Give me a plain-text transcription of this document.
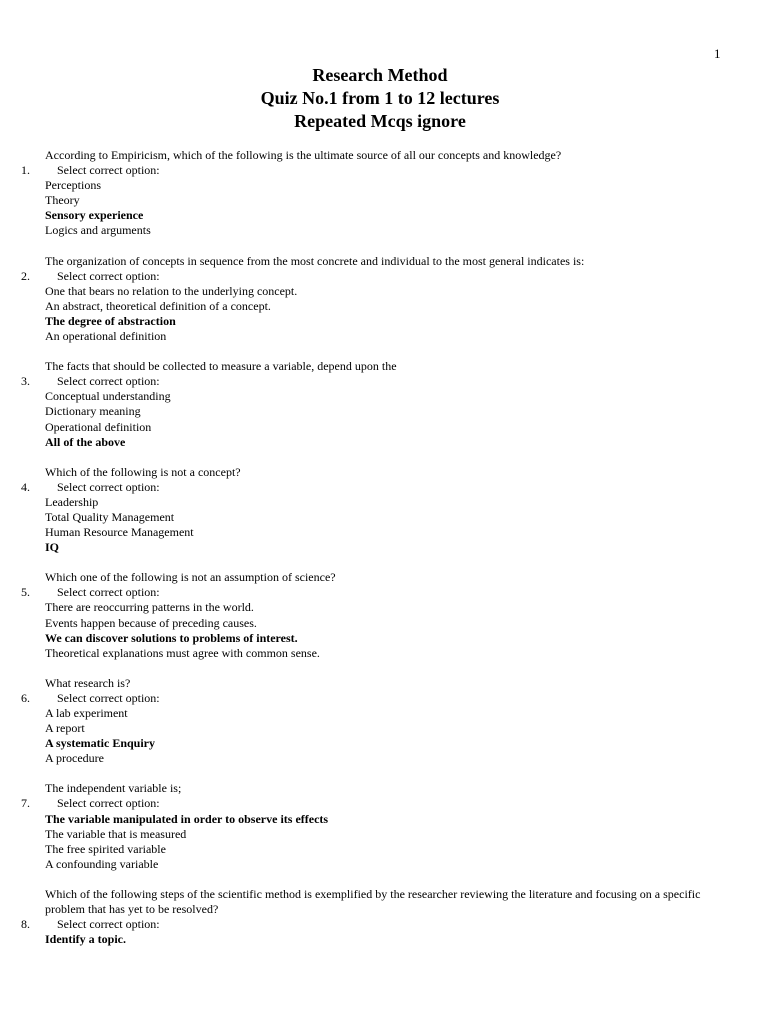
1
Research Method
Quiz No.1 from 1 to 12 lectures
Repeated Mcqs ignore
According to Empiricism, which of the following is the ultimate source of all our concepts and knowledge?
1. Select correct option:
Perceptions
Theory
Sensory experience
Logics and arguments
The organization of concepts in sequence from the most concrete and individual to the most general indicates is:
2. Select correct option:
One that bears no relation to the underlying concept.
An abstract, theoretical definition of a concept.
The degree of abstraction
An operational definition
The facts that should be collected to measure a variable, depend upon the
3. Select correct option:
Conceptual understanding
Dictionary meaning
Operational definition
All of the above
Which of the following is not a concept?
4. Select correct option:
Leadership
Total Quality Management
Human Resource Management
IQ
Which one of the following is not an assumption of science?
5. Select correct option:
There are reoccurring patterns in the world.
Events happen because of preceding causes.
We can discover solutions to problems of interest.
Theoretical explanations must agree with common sense.
What research is?
6. Select correct option:
A lab experiment
A report
A systematic Enquiry
A procedure
The independent variable is;
7. Select correct option:
The variable manipulated in order to observe its effects
The variable that is measured
The free spirited variable
A confounding variable
Which of the following steps of the scientific method is exemplified by the researcher reviewing the literature and focusing on a specific problem that has yet to be resolved?
8. Select correct option:
Identify a topic.
